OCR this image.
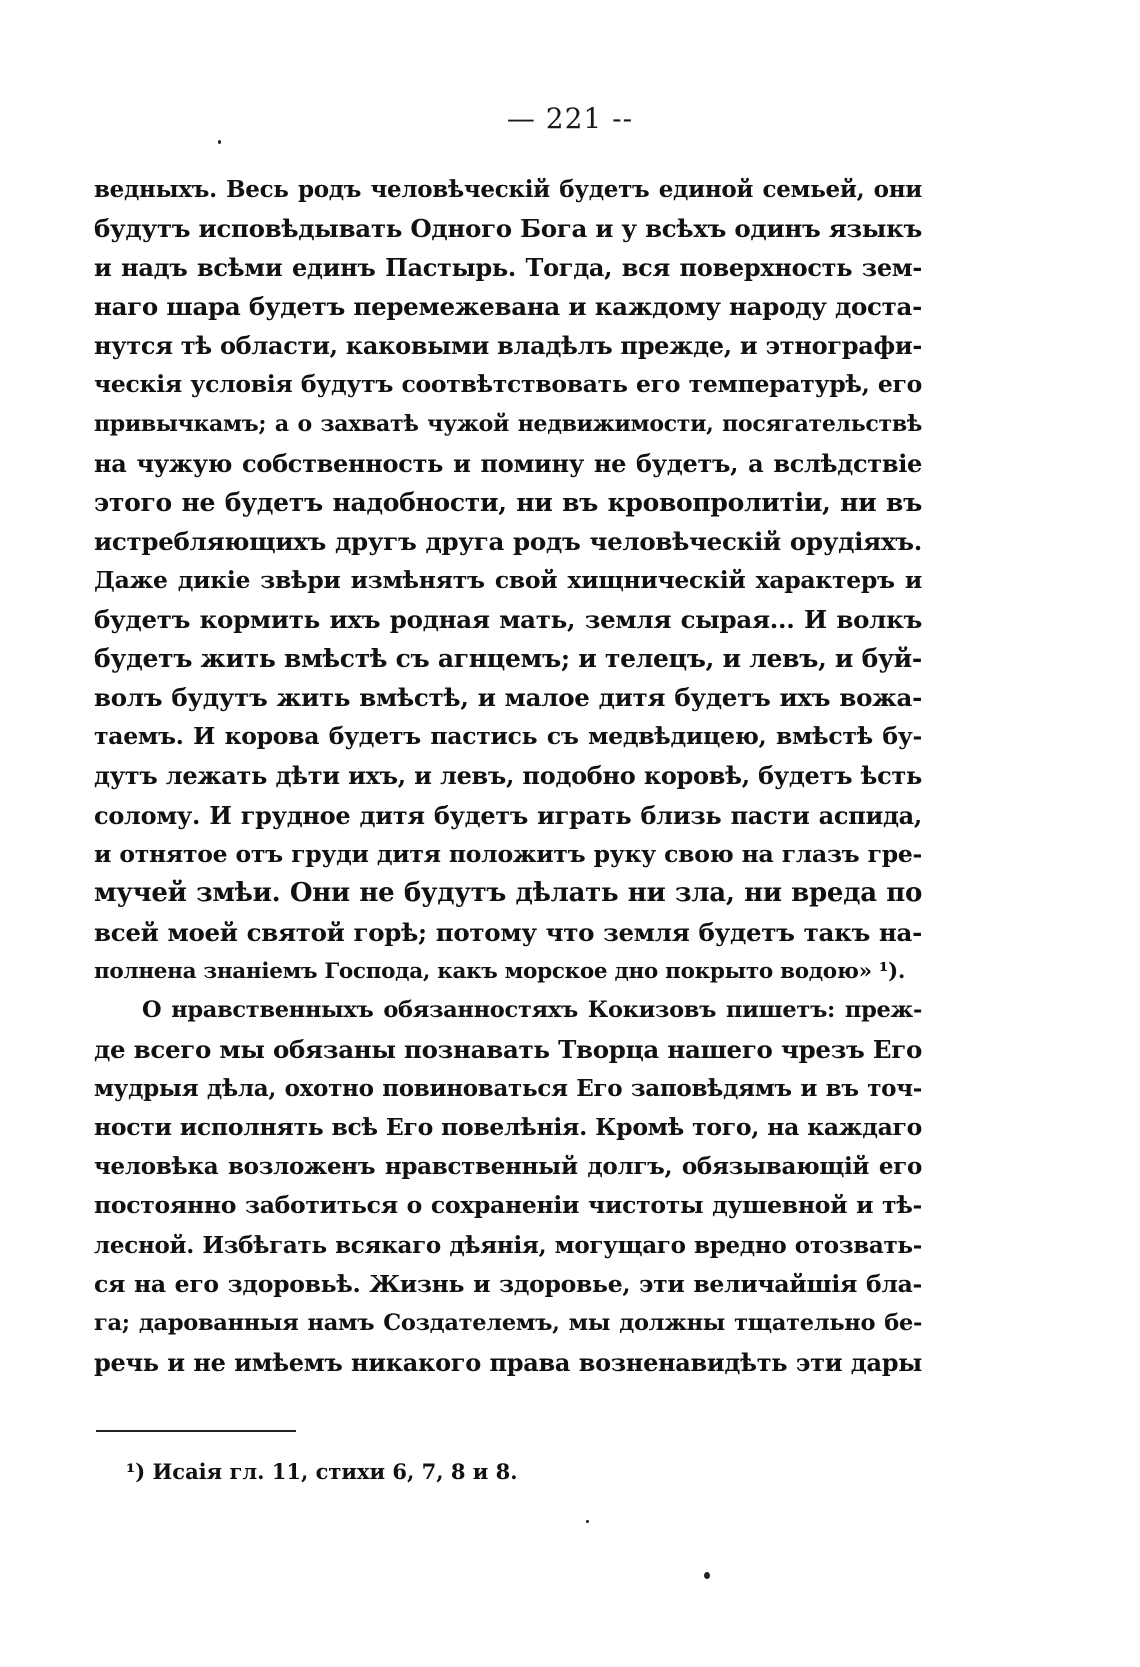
— 221 --
ведныхъ. Весь родъ человѣческій будетъ единой семьей, они
будутъ исповѣдывать Одного Бога и у всѣхъ одинъ языкъ
и надъ всѣми единъ Пастырь. Тогда, вся поверхность зем-
наго шара будетъ перемежевана и каждому народу доста-
нутся тѣ области, каковыми владѣлъ прежде, и этнографи-
ческія условія будутъ соотвѣтствовать его температурѣ, его
привычкамъ; а о захватѣ чужой недвижимости, посягательствѣ
на чужую собственность и помину не будетъ, а вслѣдствіе
этого не будетъ надобности, ни въ кровопролитіи, ни въ
истребляющихъ другъ друга родъ человѣческій орудіяхъ.
Даже дикіе звѣри измѣнятъ свой хищническій характеръ и
будетъ кормить ихъ родная мать, земля сырая... И волкъ
будетъ жить вмѣстѣ съ агнцемъ; и телецъ, и левъ, и буй-
волъ будутъ жить вмѣстѣ, и малое дитя будетъ ихъ вожа-
таемъ. И корова будетъ пастись съ медвѣдицею, вмѣстѣ бу-
дутъ лежать дѣти ихъ, и левъ, подобно коровѣ, будетъ ѣсть
солому. И грудное дитя будетъ играть близь пасти аспида,
и отнятое отъ груди дитя положитъ руку свою на глазъ гре-
мучей змѣи. Они не будутъ дѣлать ни зла, ни вреда по
всей моей святой горѣ; потому что земля будетъ такъ на-
полнена знаніемъ Господа, какъ морское дно покрыто водою» ¹).
О нравственныхъ обязанностяхъ Кокизовъ пишетъ: преж-
де всего мы обязаны познавать Творца нашего чрезъ Его
мудрыя дѣла, охотно повиноваться Его заповѣдямъ и въ точ-
ности исполнять всѣ Его повелѣнія. Кромѣ того, на каждаго
человѣка возложенъ нравственный долгъ, обязывающій его
постоянно заботиться о сохраненіи чистоты душевной и тѣ-
лесной. Избѣгать всякаго дѣянія, могущаго вредно отозвать-
ся на его здоровьѣ. Жизнь и здоровье, эти величайшія бла-
га; дарованныя намъ Создателемъ, мы должны тщательно бе-
речь и не имѣемъ никакого права возненавидѣть эти дары
¹) Исаія гл. 11, стихи 6, 7, 8 и 8.
